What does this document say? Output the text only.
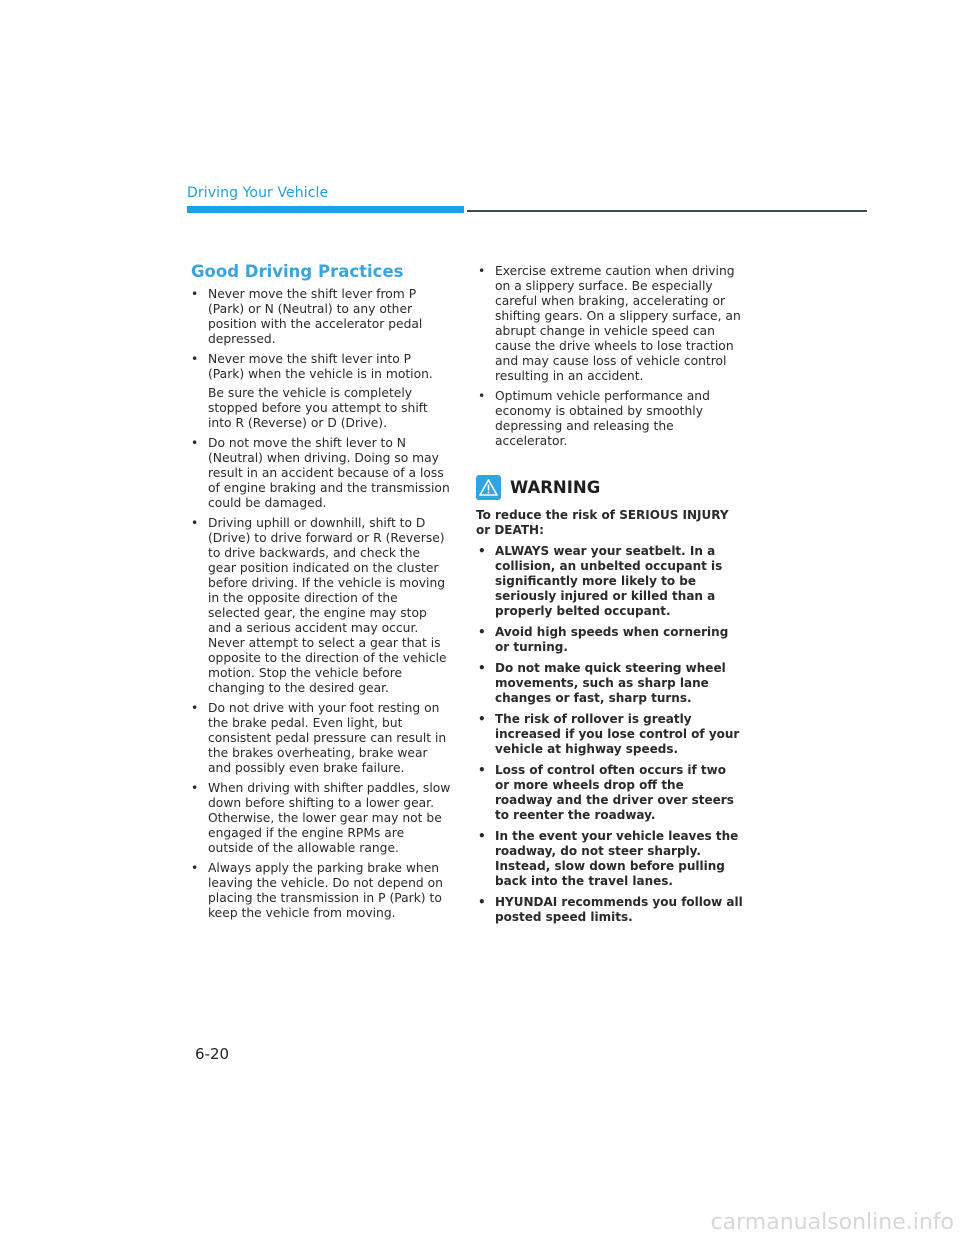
Driving Your Vehicle
Good Driving Practices
• Never move the shift lever from P (Park) or N (Neutral) to any other position with the accelerator pedal depressed.
• Never move the shift lever into P (Park) when the vehicle is in motion.

Be sure the vehicle is completely stopped before you attempt to shift into R (Reverse) or D (Drive).

• Do not move the shift lever to N (Neutral) when driving. Doing so may result in an accident because of a loss of engine braking and the transmission could be damaged.
• Driving uphill or downhill, shift to D (Drive) to drive forward or R (Reverse) to drive backwards, and check the gear position indicated on the cluster before driving. If the vehicle is moving in the opposite direction of the selected gear, the engine may stop and a serious accident may occur. Never attempt to select a gear that is opposite to the direction of the vehicle motion. Stop the vehicle before changing to the desired gear.
• Do not drive with your foot resting on the brake pedal. Even light, but consistent pedal pressure can result in the brakes overheating, brake wear and possibly even brake failure.
• When driving with shifter paddles, slow down before shifting to a lower gear. Otherwise, the lower gear may not be engaged if the engine RPMs are outside of the allowable range.
• Always apply the parking brake when leaving the vehicle. Do not depend on placing the transmission in P (Park) to keep the vehicle from moving.
• Exercise extreme caution when driving on a slippery surface. Be especially careful when braking, accelerating or shifting gears. On a slippery surface, an abrupt change in vehicle speed can cause the drive wheels to lose traction and may cause loss of vehicle control resulting in an accident.
• Optimum vehicle performance and economy is obtained by smoothly depressing and releasing the accelerator.
WARNING

To reduce the risk of SERIOUS INJURY or DEATH:

• ALWAYS wear your seatbelt. In a collision, an unbelted occupant is significantly more likely to be seriously injured or killed than a properly belted occupant.
• Avoid high speeds when cornering or turning.
• Do not make quick steering wheel movements, such as sharp lane changes or fast, sharp turns.
• The risk of rollover is greatly increased if you lose control of your vehicle at highway speeds.
• Loss of control often occurs if two or more wheels drop off the roadway and the driver over steers to reenter the roadway.
• In the event your vehicle leaves the roadway, do not steer sharply. Instead, slow down before pulling back into the travel lanes.
• HYUNDAI recommends you follow all posted speed limits.
6-20
carmanualsonline.info
